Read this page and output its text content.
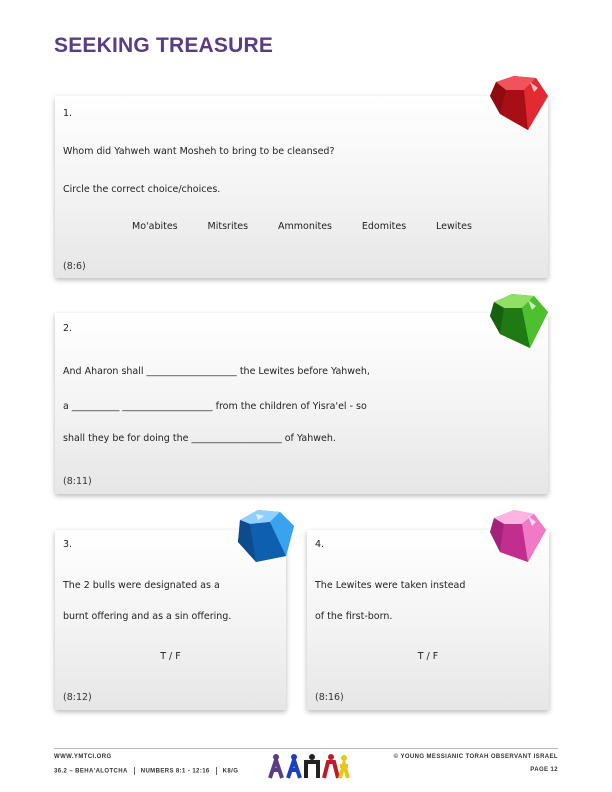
SEEKING TREASURE
1.
Whom did Yahweh want Mosheh to bring to be cleansed?
Circle the correct choice/choices.
Mo'abites	Mitsrites	Ammonites	Edomites	Lewites
(8:6)
2.
And Aharon shall ___________________ the Lewites before Yahweh,
a __________ ___________________ from the children of Yisra'el - so
shall they be for doing the ___________________ of Yahweh.
(8:11)
3.
The 2 bulls were designated as a
burnt offering and as a sin offering.
T / F
(8:12)
4.
The Lewites were taken instead
of the first-born.
T / F
(8:16)
WWW.YMTCI.ORG
36.2 – BEHA'ALOTCHA NUMBERS 8:1 - 12:16 K8/G
© YOUNG MESSIANIC TORAH OBSERVANT ISRAEL
PAGE 12
